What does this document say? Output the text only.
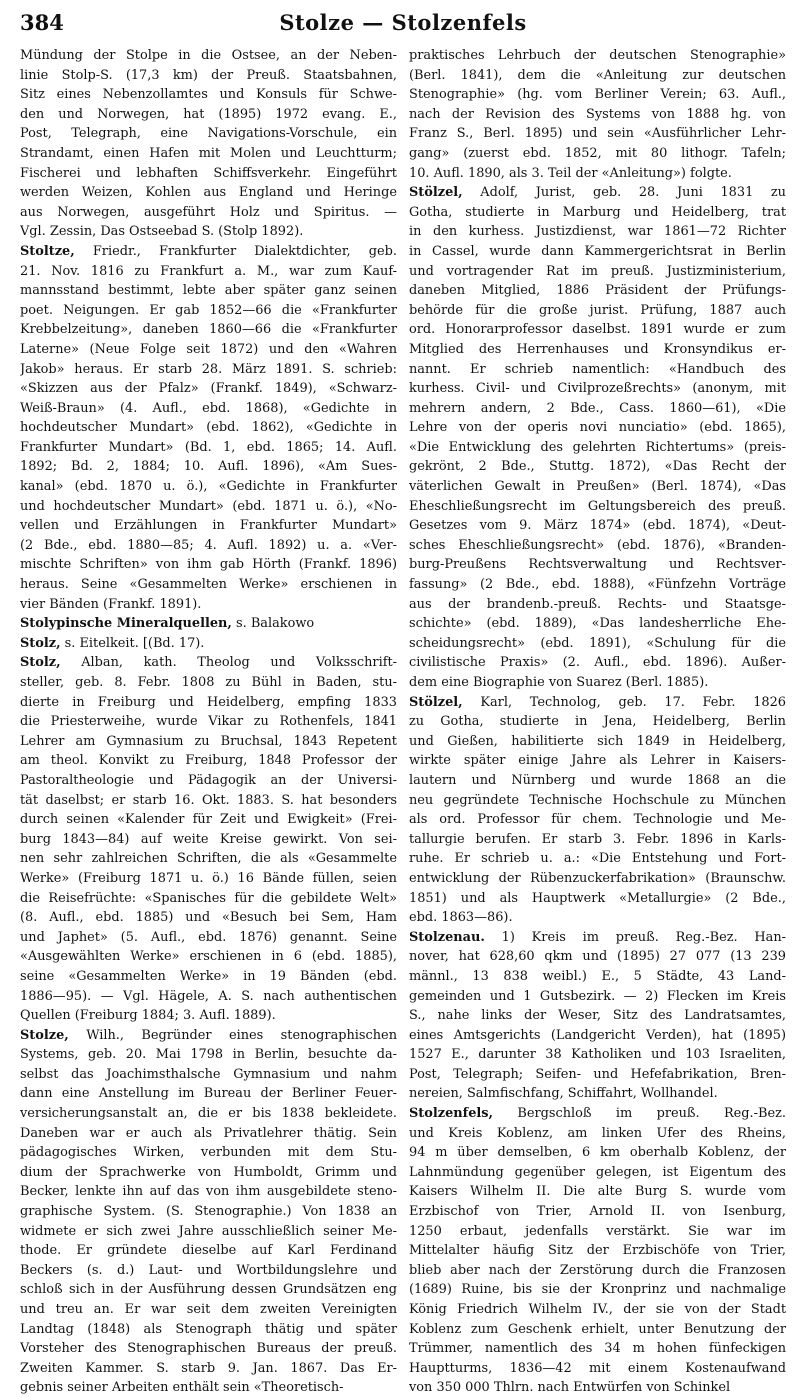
384	Stolze — Stolzenfels

Mündung der Stolpe in die Ostsee, an der Neben-
linie Stolp-S. (17,3 km) der Preuß. Staatsbahnen,
Sitz eines Nebenzollamtes und Konsuls für Schwe-
den und Norwegen, hat (1895) 1972 evang. E.,
Post, Telegraph, eine Navigations-Vorschule, ein
Strandamt, einen Hafen mit Molen und Leuchtturm;
Fischerei und lebhaften Schiffsverkehr. Eingeführt
werden Weizen, Kohlen aus England und Heringe
aus Norwegen, ausgeführt Holz und Spiritus. —
Vgl. Zessin, Das Ostseebad S. (Stolp 1892).

Stoltze, Friedr., Frankfurter Dialektdichter, geb.
21. Nov. 1816 zu Frankfurt a. M., war zum Kauf-
mannsstand bestimmt, lebte aber später ganz seinen
poet. Neigungen. Er gab 1852—66 die «Frankfurter
Krebbelzeitung», daneben 1860—66 die «Frankfurter
Laterne» (Neue Folge seit 1872) und den «Wahren
Jakob» heraus. Er starb 28. März 1891. S. schrieb:
«Skizzen aus der Pfalz» (Frankf. 1849), «Schwarz-
Weiß-Braun» (4. Aufl., ebd. 1868), «Gedichte in
hochdeutscher Mundart» (ebd. 1862), «Gedichte in
Frankfurter Mundart» (Bd. 1, ebd. 1865; 14. Aufl.
1892; Bd. 2, 1884; 10. Aufl. 1896), «Am Sues-
kanal» (ebd. 1870 u. ö.), «Gedichte in Frankfurter
und hochdeutscher Mundart» (ebd. 1871 u. ö.), «No-
vellen und Erzählungen in Frankfurter Mundart»
(2 Bde., ebd. 1880—85; 4. Aufl. 1892) u. a. «Ver-
mischte Schriften» von ihm gab Hörth (Frankf. 1896)
heraus. Seine «Gesammelten Werke» erschienen in
vier Bänden (Frankf. 1891).

Stolypinsche Mineralquellen, s. Balakowo

Stolz, s. Eitelkeit. [(Bd. 17).

Stolz, Alban, kath. Theolog und Volksschrift-
steller, geb. 8. Febr. 1808 zu Bühl in Baden, stu-
dierte in Freiburg und Heidelberg, empfing 1833
die Priesterweihe, wurde Vikar zu Rothenfels, 1841
Lehrer am Gymnasium zu Bruchsal, 1843 Repetent
am theol. Konvikt zu Freiburg, 1848 Professor der
Pastoraltheologie und Pädagogik an der Universi-
tät daselbst; er starb 16. Okt. 1883. S. hat besonders
durch seinen «Kalender für Zeit und Ewigkeit» (Frei-
burg 1843—84) auf weite Kreise gewirkt. Von sei-
nen sehr zahlreichen Schriften, die als «Gesammelte
Werke» (Freiburg 1871 u. ö.) 16 Bände füllen, seien
die Reisefrüchte: «Spanisches für die gebildete Welt»
(8. Aufl., ebd. 1885) und «Besuch bei Sem, Ham
und Japhet» (5. Aufl., ebd. 1876) genannt. Seine
«Ausgewählten Werke» erschienen in 6 (ebd. 1885),
seine «Gesammelten Werke» in 19 Bänden (ebd.
1886—95). — Vgl. Hägele, A. S. nach authentischen
Quellen (Freiburg 1884; 3. Aufl. 1889).

Stolze, Wilh., Begründer eines stenographischen
Systems, geb. 20. Mai 1798 in Berlin, besuchte da-
selbst das Joachimsthalsche Gymnasium und nahm
dann eine Anstellung im Bureau der Berliner Feuer-
versicherungsanstalt an, die er bis 1838 bekleidete.
Daneben war er auch als Privatlehrer thätig. Sein
pädagogisches Wirken, verbunden mit dem Stu-
dium der Sprachwerke von Humboldt, Grimm und
Becker, lenkte ihn auf das von ihm ausgebildete steno-
graphische System. (S. Stenographie.) Von 1838 an
widmete er sich zwei Jahre ausschließlich seiner Me-
thode. Er gründete dieselbe auf Karl Ferdinand
Beckers (s. d.) Laut- und Wortbildungslehre und
schloß sich in der Ausführung dessen Grundsätzen eng
und treu an. Er war seit dem zweiten Vereinigten
Landtag (1848) als Stenograph thätig und später
Vorsteher des Stenographischen Bureaus der preuß.
Zweiten Kammer. S. starb 9. Jan. 1867. Das Er-
gebnis seiner Arbeiten enthält sein «Theoretisch-

praktisches Lehrbuch der deutschen Stenographie»
(Berl. 1841), dem die «Anleitung zur deutschen
Stenographie» (hg. vom Berliner Verein; 63. Aufl.,
nach der Revision des Systems von 1888 hg. von
Franz S., Berl. 1895) und sein «Ausführlicher Lehr-
gang» (zuerst ebd. 1852, mit 80 lithogr. Tafeln;
10. Aufl. 1890, als 3. Teil der «Anleitung») folgte.

Stölzel, Adolf, Jurist, geb. 28. Juni 1831 zu
Gotha, studierte in Marburg und Heidelberg, trat
in den kurhess. Justizdienst, war 1861—72 Richter
in Cassel, wurde dann Kammergerichtsrat in Berlin
und vortragender Rat im preuß. Justizministerium,
daneben Mitglied, 1886 Präsident der Prüfungs-
behörde für die große jurist. Prüfung, 1887 auch
ord. Honorarprofessor daselbst. 1891 wurde er zum
Mitglied des Herrenhauses und Kronsyndikus er-
nannt. Er schrieb namentlich: «Handbuch des
kurhess. Civil- und Civilprozeßrechts» (anonym, mit
mehrern andern, 2 Bde., Cass. 1860—61), «Die
Lehre von der operis novi nunciatio» (ebd. 1865),
«Die Entwicklung des gelehrten Richtertums» (preis-
gekrönt, 2 Bde., Stuttg. 1872), «Das Recht der
väterlichen Gewalt in Preußen» (Berl. 1874), «Das
Eheschließungsrecht im Geltungsbereich des preuß.
Gesetzes vom 9. März 1874» (ebd. 1874), «Deut-
sches Eheschließungsrecht» (ebd. 1876), «Branden-
burg-Preußens Rechtsverwaltung und Rechtsver-
fassung» (2 Bde., ebd. 1888), «Fünfzehn Vorträge
aus der brandenb.-preuß. Rechts- und Staatsge-
schichte» (ebd. 1889), «Das landesherrliche Ehe-
scheidungsrecht» (ebd. 1891), «Schulung für die
civilistische Praxis» (2. Aufl., ebd. 1896). Außer-
dem eine Biographie von Suarez (Berl. 1885).

Stölzel, Karl, Technolog, geb. 17. Febr. 1826
zu Gotha, studierte in Jena, Heidelberg, Berlin
und Gießen, habilitierte sich 1849 in Heidelberg,
wirkte später einige Jahre als Lehrer in Kaisers-
lautern und Nürnberg und wurde 1868 an die
neu gegründete Technische Hochschule zu München
als ord. Professor für chem. Technologie und Me-
tallurgie berufen. Er starb 3. Febr. 1896 in Karls-
ruhe. Er schrieb u. a.: «Die Entstehung und Fort-
entwicklung der Rübenzuckerfabrikation» (Braunschw.
1851) und als Hauptwerk «Metallurgie» (2 Bde.,
ebd. 1863—86).

Stolzenau. 1) Kreis im preuß. Reg.-Bez. Han-
nover, hat 628,60 qkm und (1895) 27 077 (13 239
männl., 13 838 weibl.) E., 5 Städte, 43 Land-
gemeinden und 1 Gutsbezirk. — 2) Flecken im Kreis
S., nahe links der Weser, Sitz des Landratsamtes,
eines Amtsgerichts (Landgericht Verden), hat (1895)
1527 E., darunter 38 Katholiken und 103 Israeliten,
Post, Telegraph; Seifen- und Hefefabrikation, Bren-
nereien, Salmfischfang, Schiffahrt, Wollhandel.

Stolzenfels, Bergschloß im preuß. Reg.-Bez.
und Kreis Koblenz, am linken Ufer des Rheins,
94 m über demselben, 6 km oberhalb Koblenz, der
Lahnmündung gegenüber gelegen, ist Eigentum des
Kaisers Wilhelm II. Die alte Burg S. wurde vom
Erzbischof von Trier, Arnold II. von Isenburg,
1250 erbaut, jedenfalls verstärkt. Sie war im
Mittelalter häufig Sitz der Erzbischöfe von Trier,
blieb aber nach der Zerstörung durch die Franzosen
(1689) Ruine, bis sie der Kronprinz und nachmalige
König Friedrich Wilhelm IV., der sie von der Stadt
Koblenz zum Geschenk erhielt, unter Benutzung der
Trümmer, namentlich des 34 m hohen fünfeckigen
Hauptturms, 1836—42 mit einem Kostenaufwand
von 350 000 Thlrn. nach Entwürfen von Schinkel
